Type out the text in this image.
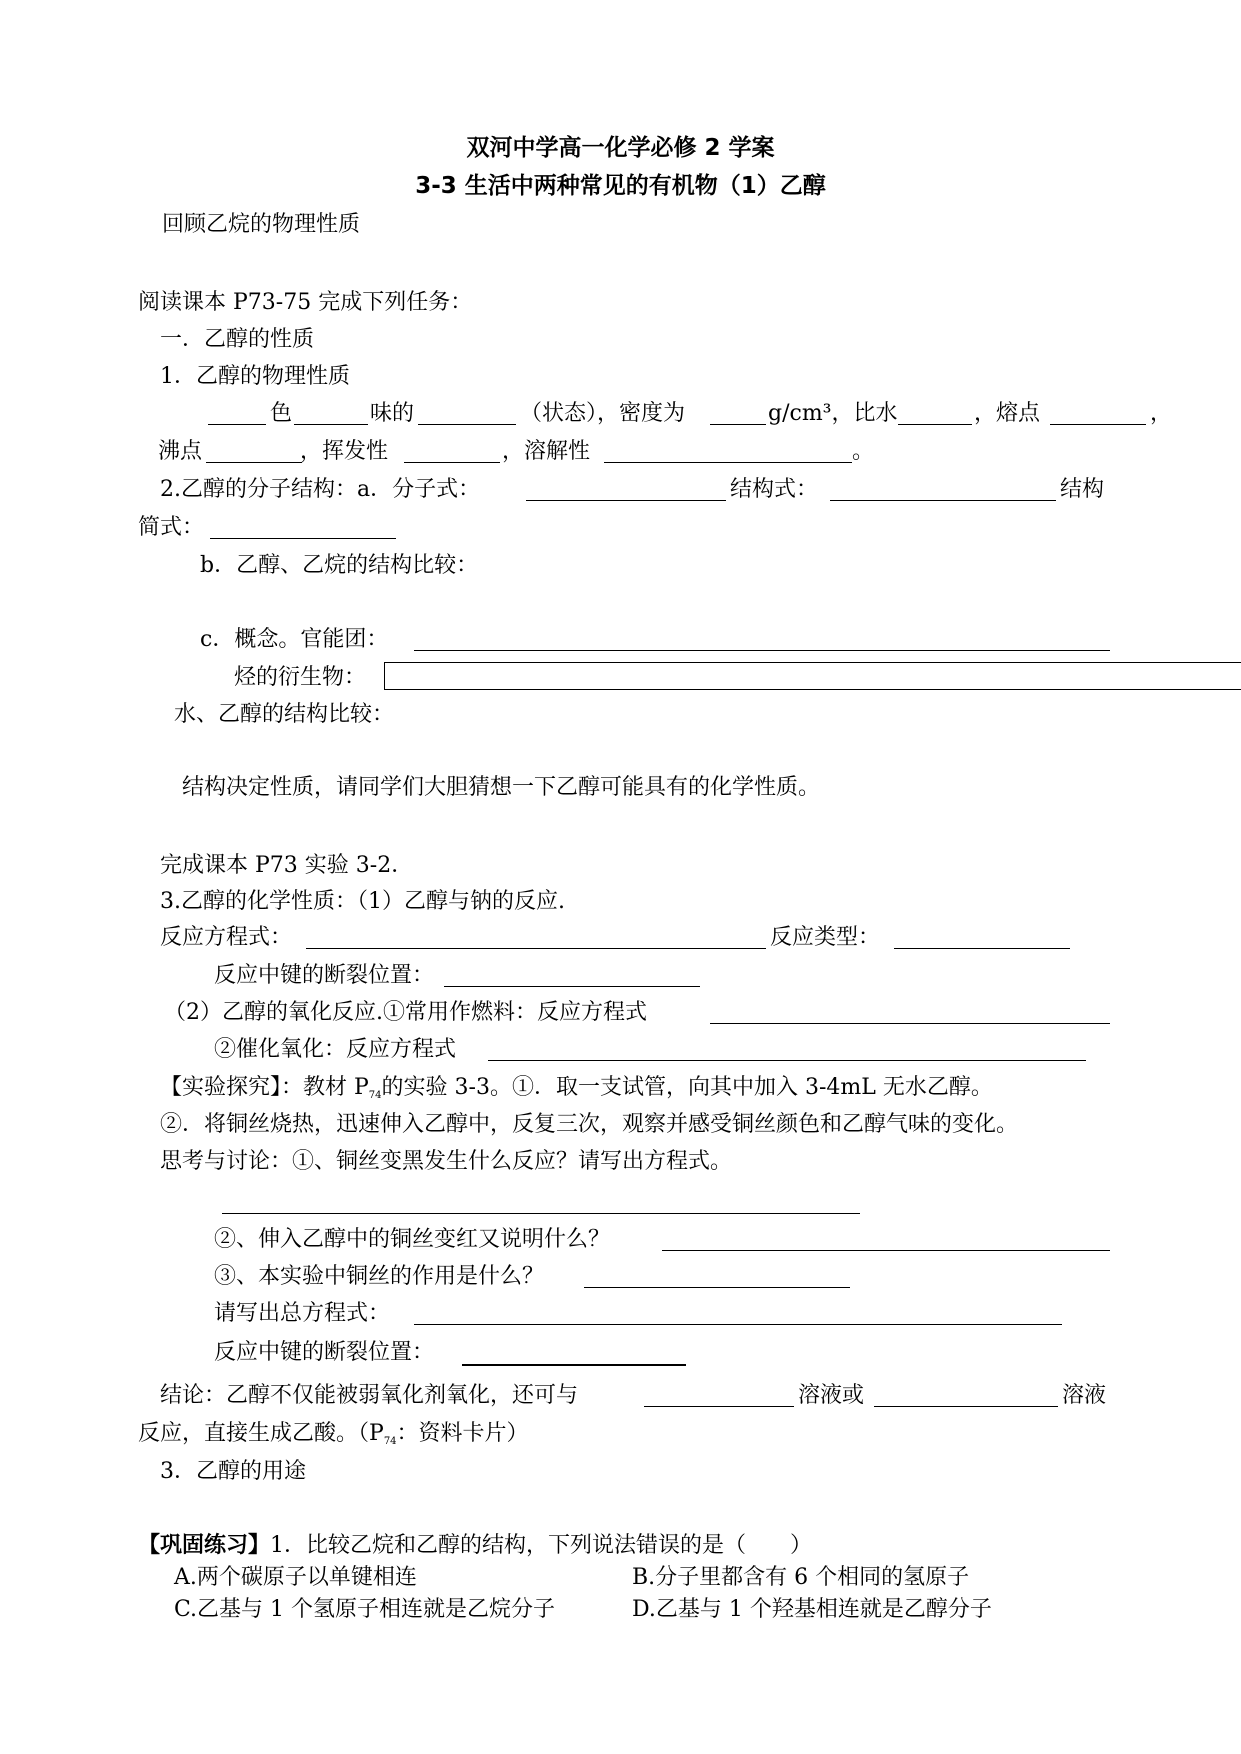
双河中学高一化学必修 2 学案
3-3 生活中两种常见的有机物（1）乙醇
回顾乙烷的物理性质
阅读课本 P73-75 完成下列任务：
一．乙醇的性质
1．乙醇的物理性质
色	味的	（状态），密度为	g/cm³，比水	，熔点	，
沸点	，挥发性	，溶解性	。
2.乙醇的分子结构：a．分子式：	结构式：	结构
简式：
b．乙醇、乙烷的结构比较：
c．概念。官能团：
烃的衍生物：
水、乙醇的结构比较：
结构决定性质，请同学们大胆猜想一下乙醇可能具有的化学性质。
完成课本 P73 实验 3-2．
3.乙醇的化学性质：（1）乙醇与钠的反应.
反应方程式：	反应类型：
反应中键的断裂位置：
（2）乙醇的氧化反应.①常用作燃料：反应方程式
②催化氧化：反应方程式
【实验探究】：教材 $P_{74}$的实验 3-3。①．取一支试管，向其中加入 3-4mL 无水乙醇。
②．将铜丝烧热，迅速伸入乙醇中，反复三次，观察并感受铜丝颜色和乙醇气味的变化。
思考与讨论：①、铜丝变黑发生什么反应？请写出方程式。
②、伸入乙醇中的铜丝变红又说明什么？
③、本实验中铜丝的作用是什么？
请写出总方程式：
反应中键的断裂位置：
结论：乙醇不仅能被弱氧化剂氧化，还可与	溶液或	溶液
反应，直接生成乙酸。（$P_{74}$：资料卡片）
3．乙醇的用途
【巩固练习】1．比较乙烷和乙醇的结构，下列说法错误的是（　　）
A.两个碳原子以单键相连	B.分子里都含有 6 个相同的氢原子
C.乙基与 1 个氢原子相连就是乙烷分子	D.乙基与 1 个羟基相连就是乙醇分子
